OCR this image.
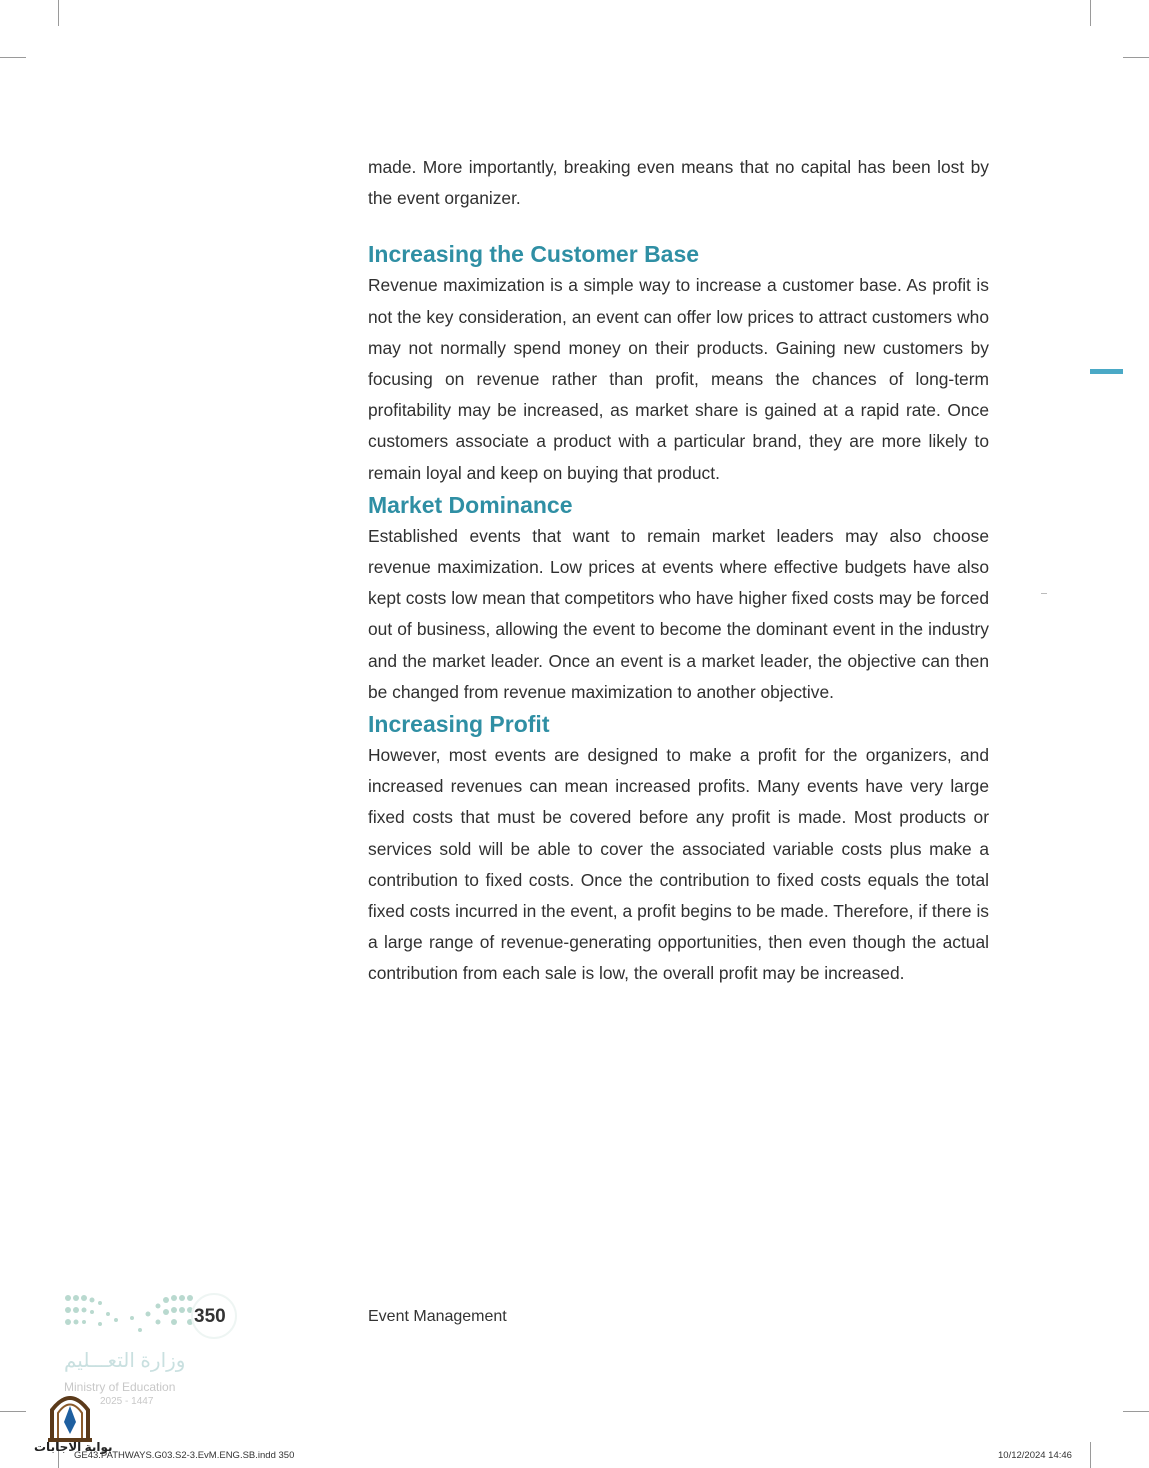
made. More importantly, breaking even means that no capital has been lost by the event organizer.

Increasing the Customer Base

Revenue maximization is a simple way to increase a customer base. As profit is not the key consideration, an event can offer low prices to attract customers who may not normally spend money on their products. Gaining new customers by focusing on revenue rather than profit, means the chances of long-term profitability may be increased, as market share is gained at a rapid rate. Once customers associate a product with a particular brand, they are more likely to remain loyal and keep on buying that product.

Market Dominance

Established events that want to remain market leaders may also choose revenue maximization. Low prices at events where effective budgets have also kept costs low mean that competitors who have higher fixed costs may be forced out of business, allowing the event to become the dominant event in the industry and the market leader. Once an event is a market leader, the objective can then be changed from revenue maximization to another objective.

Increasing Profit

However, most events are designed to make a profit for the organizers, and increased revenues can mean increased profits. Many events have very large fixed costs that must be covered before any profit is made. Most products or services sold will be able to cover the associated variable costs plus make a contribution to fixed costs. Once the contribution to fixed costs equals the total fixed costs incurred in the event, a profit begins to be made. Therefore, if there is a large range of revenue-generating opportunities, then even though the actual contribution from each sale is low, the overall profit may be increased.

350	Event Management
وزارة التعـــليم
Ministry of Education
2025 - 1447
بوابة الاجابات
GE43.PATHWAYS.G03.S2-3.EvM.ENG.SB.indd 350	10/12/2024 14:46
